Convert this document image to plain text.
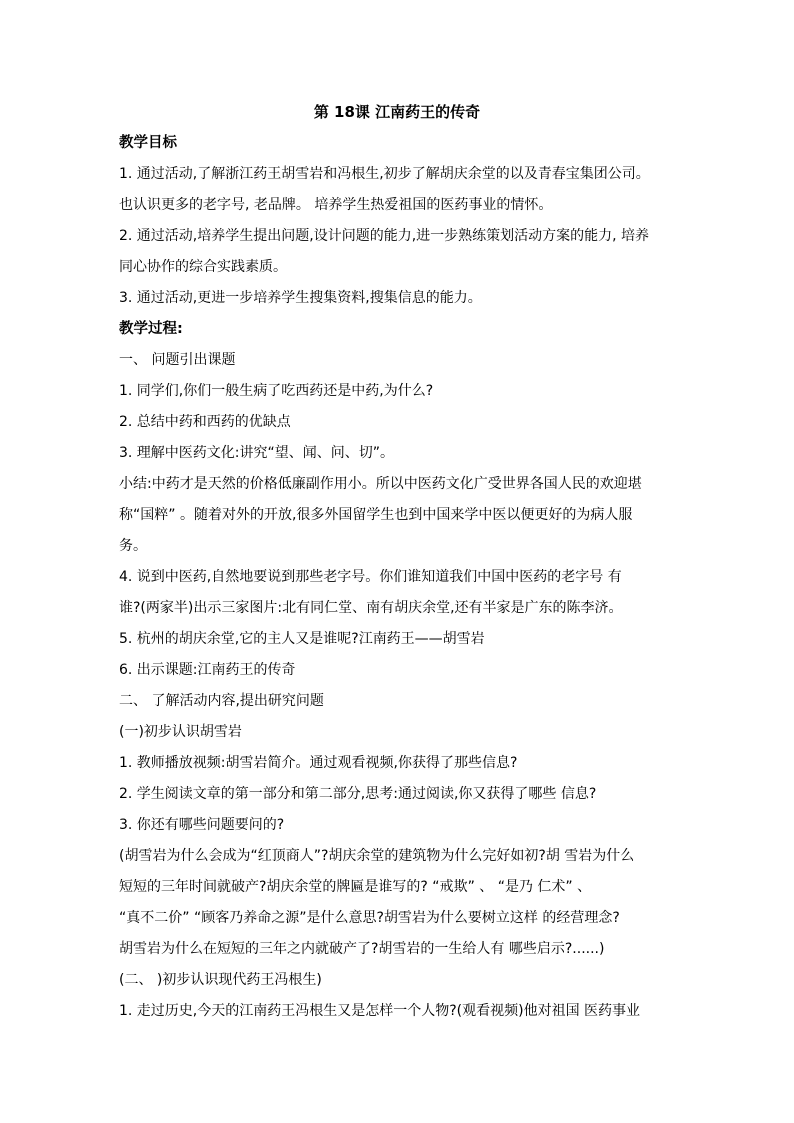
第 18课 江南药王的传奇
教学目标
1. 通过活动,了解浙江药王胡雪岩和冯根生,初步了解胡庆余堂的以及青春宝集团公司。
也认识更多的老字号, 老品牌。 培养学生热爱祖国的医药事业的情怀。
2. 通过活动,培养学生提出问题,设计问题的能力,进一步熟练策划活动方案的能力, 培养
同心协作的综合实践素质。
3. 通过活动,更进一步培养学生搜集资料,搜集信息的能力。
教学过程:
一、 问题引出课题
1. 同学们,你们一般生病了吃西药还是中药,为什么?
2. 总结中药和西药的优缺点
3. 理解中医药文化:讲究“望、闻、问、切”。
小结:中药才是天然的价格低廉副作用小。所以中医药文化广受世界各国人民的欢迎堪
称“国粹” 。随着对外的开放,很多外国留学生也到中国来学中医以便更好的为病人服
务。
4. 说到中医药,自然地要说到那些老字号。你们谁知道我们中国中医药的老字号 有
谁?(两家半)出示三家图片:北有同仁堂、南有胡庆余堂,还有半家是广东的陈李济。
5. 杭州的胡庆余堂,它的主人又是谁呢?江南药王——胡雪岩
6. 出示课题:江南药王的传奇
二、 了解活动内容,提出研究问题
(一)初步认识胡雪岩
1. 教师播放视频:胡雪岩简介。通过观看视频,你获得了那些信息?
2. 学生阅读文章的第一部分和第二部分,思考:通过阅读,你又获得了哪些 信息?
3. 你还有哪些问题要问的?
(胡雪岩为什么会成为“红顶商人”?胡庆余堂的建筑物为什么完好如初?胡 雪岩为什么
短短的三年时间就破产?胡庆余堂的牌匾是谁写的? “戒欺” 、 “是乃 仁术” 、
“真不二价” “顾客乃养命之源”是什么意思?胡雪岩为什么要树立这样 的经营理念?
胡雪岩为什么在短短的三年之内就破产了?胡雪岩的一生给人有 哪些启示?......)
(二、 )初步认识现代药王冯根生)
1. 走过历史,今天的江南药王冯根生又是怎样一个人物?(观看视频)他对祖国 医药事业
